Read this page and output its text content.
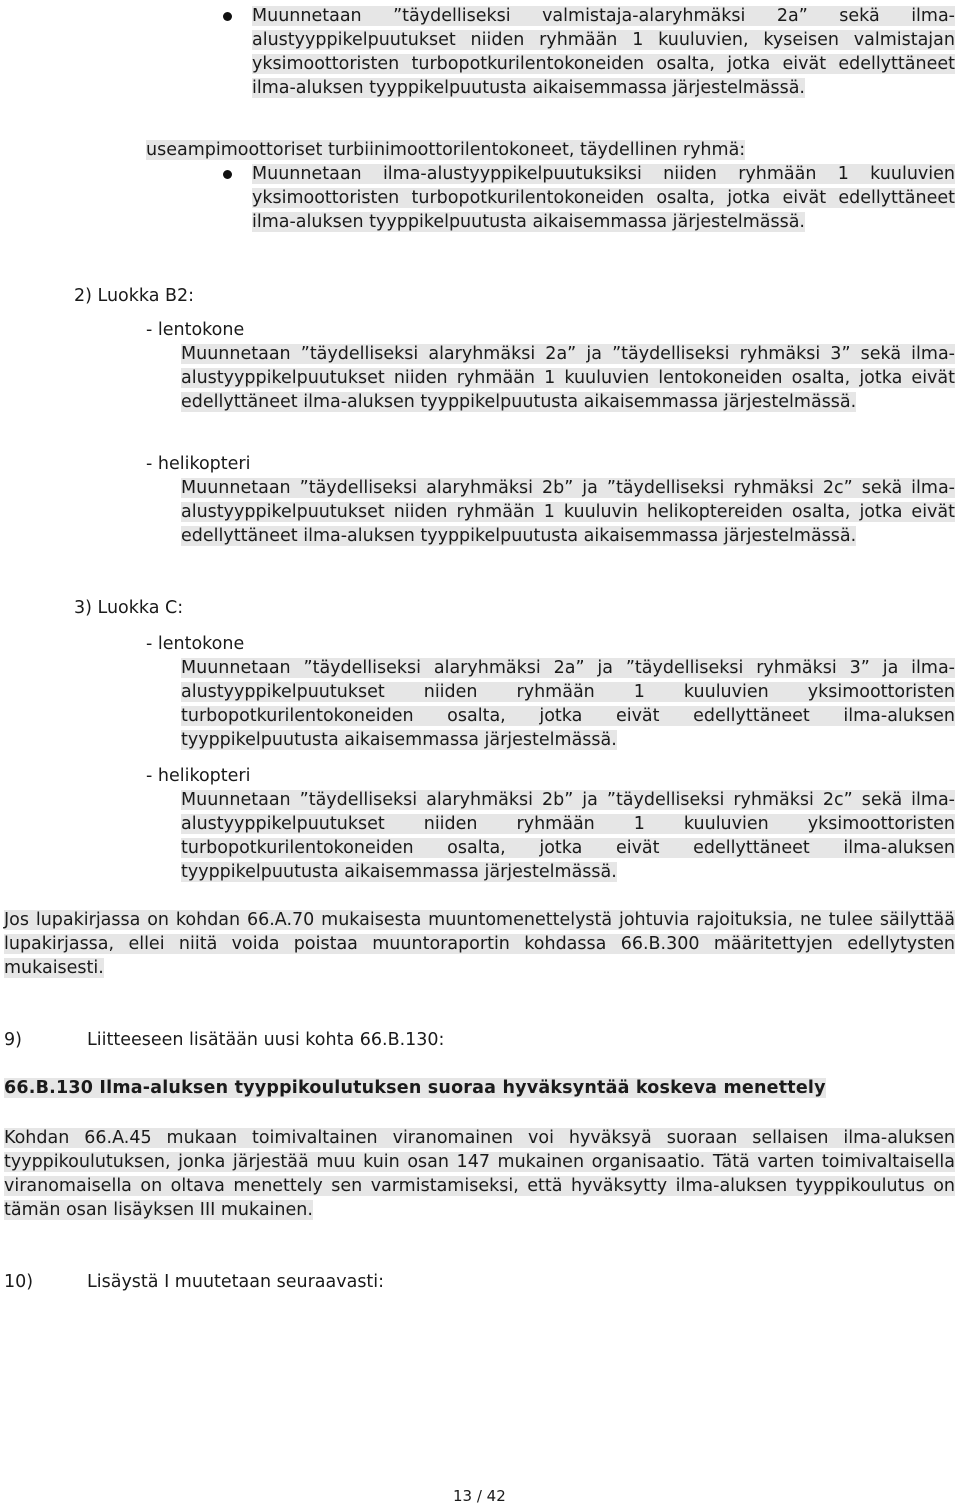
Muunnetaan ”täydelliseksi valmistaja-alaryhmäksi 2a” sekä ilma-alustyyppikelpuutukset niiden ryhmään 1 kuuluvien, kyseisen valmistajan yksimoottoristen turbopotkurilentokoneiden osalta, jotka eivät edellyttäneet ilma-aluksen tyyppikelpuutusta aikaisemmassa järjestelmässä.

useampimoottoriset turbiinimoottorilentokoneet, täydellinen ryhmä:

Muunnetaan ilma-alustyyppikelpuutuksiksi niiden ryhmään 1 kuuluvien yksimoottoristen turbopotkurilentokoneiden osalta, jotka eivät edellyttäneet ilma-aluksen tyyppikelpuutusta aikaisemmassa järjestelmässä.

2) Luokka B2:

- lentokone

Muunnetaan ”täydelliseksi alaryhmäksi 2a” ja ”täydelliseksi ryhmäksi 3” sekä ilma-alustyyppikelpuutukset niiden ryhmään 1 kuuluvien lentokoneiden osalta, jotka eivät edellyttäneet ilma-aluksen tyyppikelpuutusta aikaisemmassa järjestelmässä.

- helikopteri

Muunnetaan ”täydelliseksi alaryhmäksi 2b” ja ”täydelliseksi ryhmäksi 2c” sekä ilma-alustyyppikelpuutukset niiden ryhmään 1 kuuluvin helikoptereiden osalta, jotka eivät edellyttäneet ilma-aluksen tyyppikelpuutusta aikaisemmassa järjestelmässä.

3) Luokka C:

- lentokone

Muunnetaan ”täydelliseksi alaryhmäksi 2a” ja ”täydelliseksi ryhmäksi 3” ja ilma-alustyyppikelpuutukset niiden ryhmään 1 kuuluvien yksimoottoristen turbopotkurilentokoneiden osalta, jotka eivät edellyttäneet ilma-aluksen tyyppikelpuutusta aikaisemmassa järjestelmässä.

- helikopteri

Muunnetaan ”täydelliseksi alaryhmäksi 2b” ja ”täydelliseksi ryhmäksi 2c” sekä ilma-alustyyppikelpuutukset niiden ryhmään 1 kuuluvien yksimoottoristen turbopotkurilentokoneiden osalta, jotka eivät edellyttäneet ilma-aluksen tyyppikelpuutusta aikaisemmassa järjestelmässä.

Jos lupakirjassa on kohdan 66.A.70 mukaisesta muuntomenettelystä johtuvia rajoituksia, ne tulee säilyttää lupakirjassa, ellei niitä voida poistaa muuntoraportin kohdassa 66.B.300 määritettyjen edellytysten mukaisesti.

9)	Liitteeseen lisätään uusi kohta 66.B.130:

66.B.130 Ilma-aluksen tyyppikoulutuksen suoraa hyväksyntää koskeva menettely

Kohdan 66.A.45 mukaan toimivaltainen viranomainen voi hyväksyä suoraan sellaisen ilma-aluksen tyyppikoulutuksen, jonka järjestää muu kuin osan 147 mukainen organisaatio. Tätä varten toimivaltaisella viranomaisella on oltava menettely sen varmistamiseksi, että hyväksytty ilma-aluksen tyyppikoulutus on tämän osan lisäyksen III mukainen.

10)	Lisäystä I muutetaan seuraavasti:

13 / 42
